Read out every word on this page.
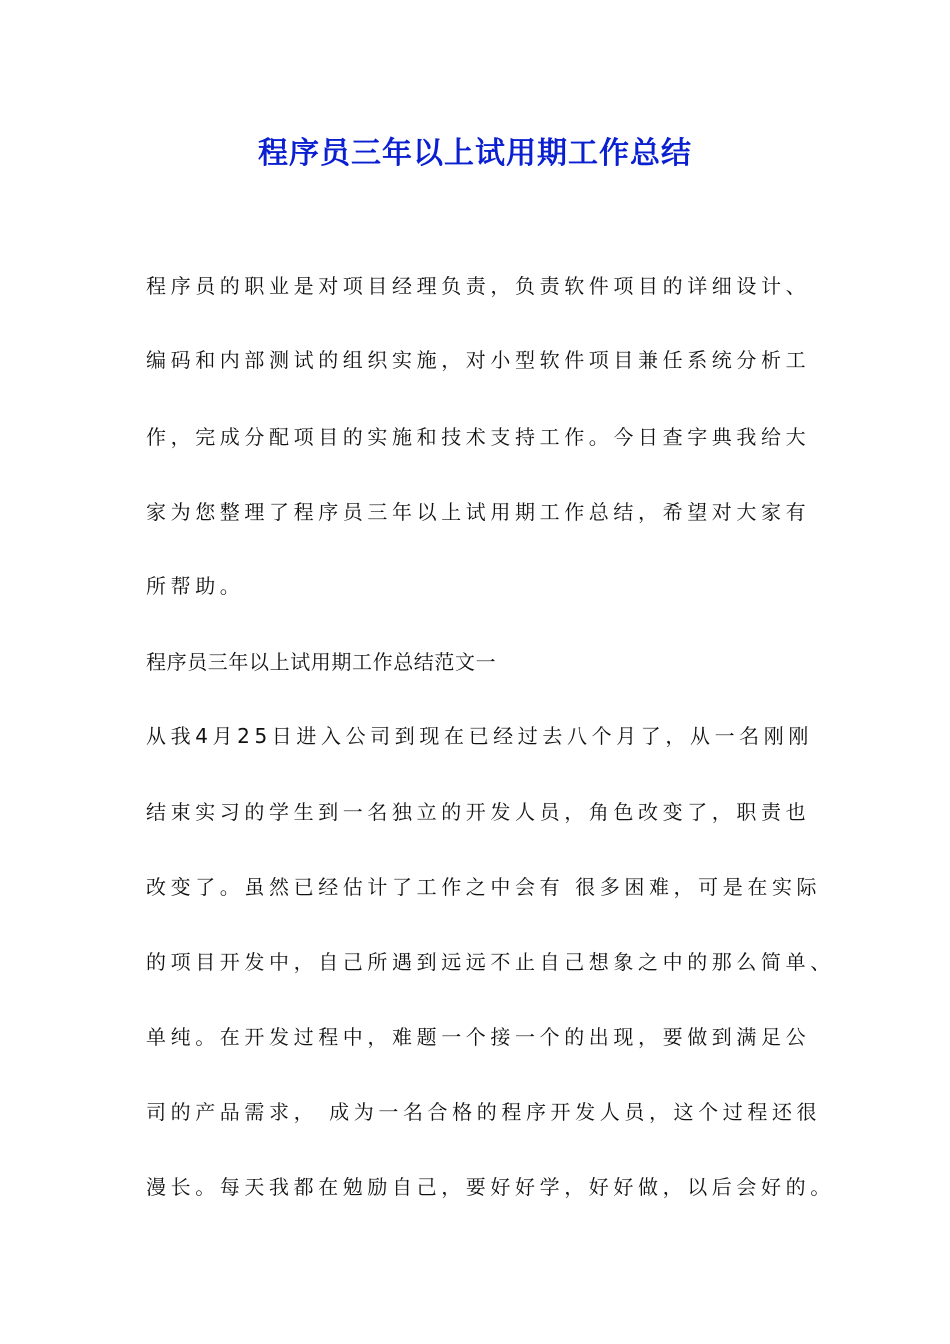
程序员三年以上试用期工作总结
程序员的职业是对项目经理负责，负责软件项目的详细设计、
编码和内部测试的组织实施，对小型软件项目兼任系统分析工
作，完成分配项目的实施和技术支持工作。今日查字典我给大
家为您整理了程序员三年以上试用期工作总结，希望对大家有
所帮助。
程序员三年以上试用期工作总结范文一
从我4月25日进入公司到现在已经过去八个月了，从一名刚刚
结束实习的学生到一名独立的开发人员，角色改变了，职责也
改变了。虽然已经估计了工作之中会有 很多困难，可是在实际
的项目开发中，自己所遇到远远不止自己想象之中的那么简单、
单纯。在开发过程中，难题一个接一个的出现，要做到满足公
司的产品需求， 成为一名合格的程序开发人员，这个过程还很
漫长。每天我都在勉励自己，要好好学，好好做，以后会好的。
